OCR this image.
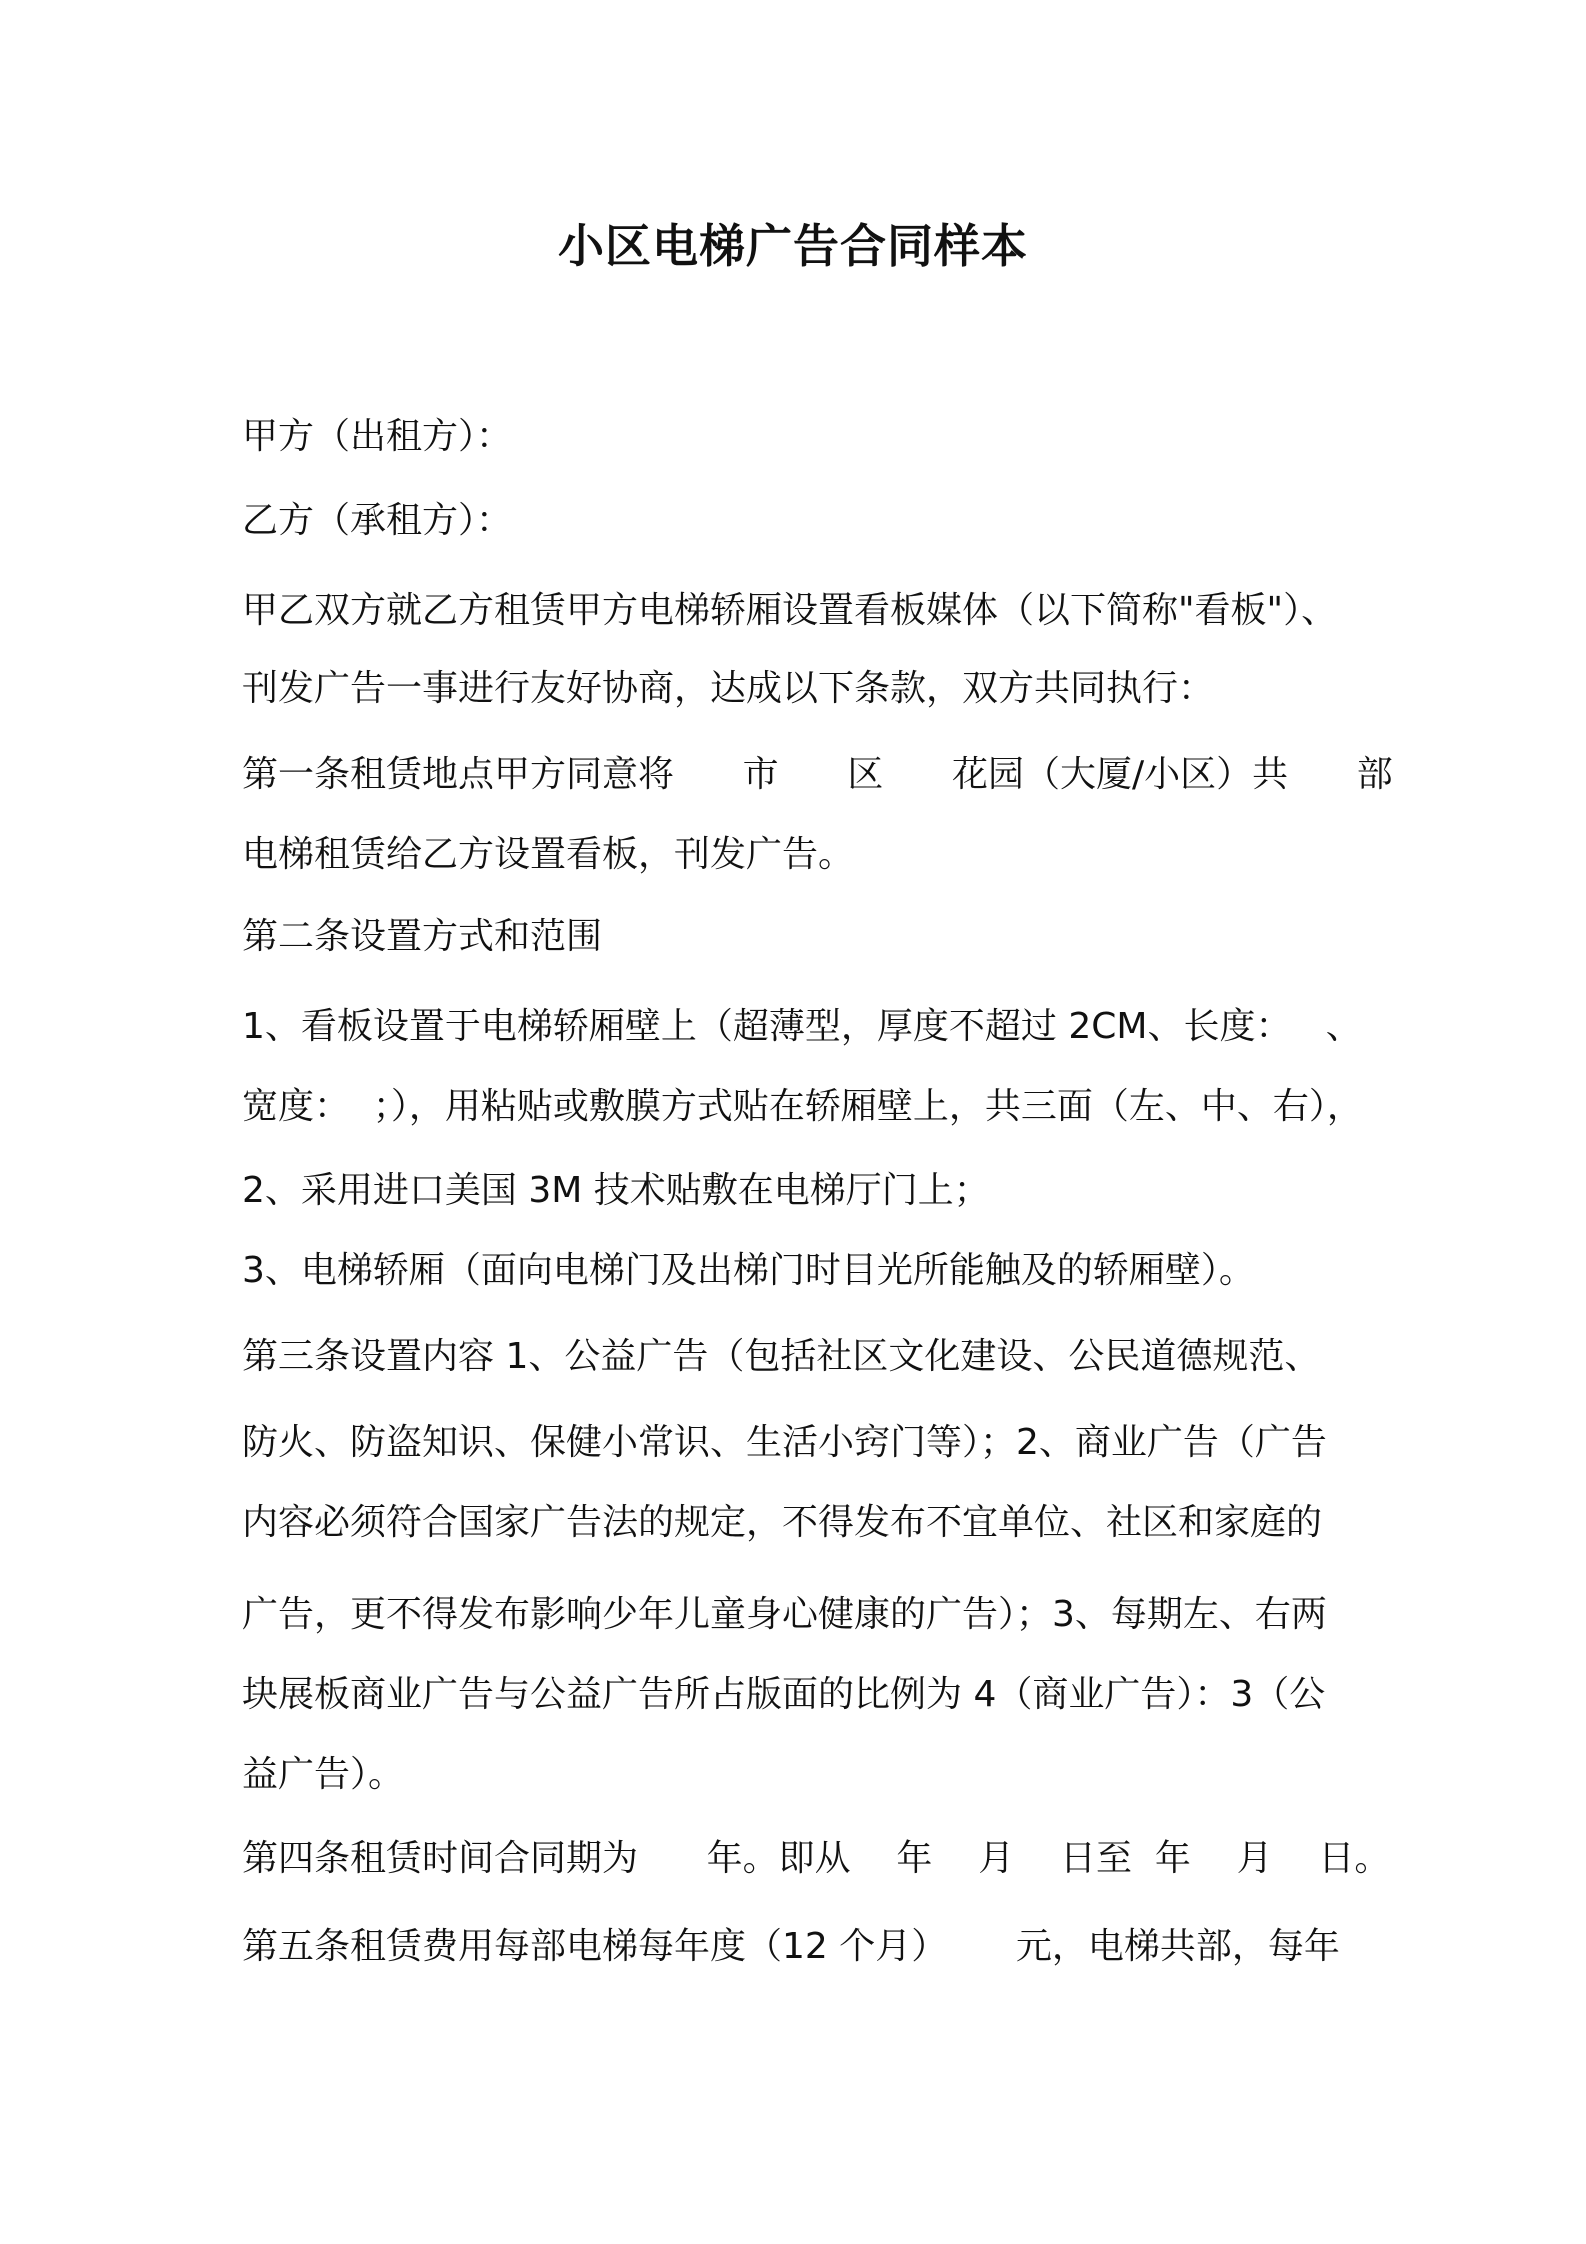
小区电梯广告合同样本

甲方（出租方）：

乙方（承租方）：

甲乙双方就乙方租赁甲方电梯轿厢设置看板媒体（以下简称"看板"）、

刊发广告一事进行友好协商，达成以下条款，双方共同执行：

第一条租赁地点甲方同意将      市      区      花园（大厦/小区）共      部

电梯租赁给乙方设置看板，刊发广告。

第二条设置方式和范围

1、看板设置于电梯轿厢壁上（超薄型，厚度不超过 2CM、长度：   、

宽度：  ；），用粘贴或敷膜方式贴在轿厢壁上，共三面（左、中、右），

2、采用进口美国 3M 技术贴敷在电梯厅门上；

3、电梯轿厢（面向电梯门及出梯门时目光所能触及的轿厢壁）。

第三条设置内容 1、公益广告（包括社区文化建设、公民道德规范、

防火、防盗知识、保健小常识、生活小窍门等）；2、商业广告（广告

内容必须符合国家广告法的规定，不得发布不宜单位、社区和家庭的

广告，更不得发布影响少年儿童身心健康的广告）；3、每期左、右两

块展板商业广告与公益广告所占版面的比例为 4（商业广告）：3（公

益广告）。

第四条租赁时间合同期为      年。即从    年    月    日至  年    月    日。

第五条租赁费用每部电梯每年度（12 个月）      元，电梯共部，每年
